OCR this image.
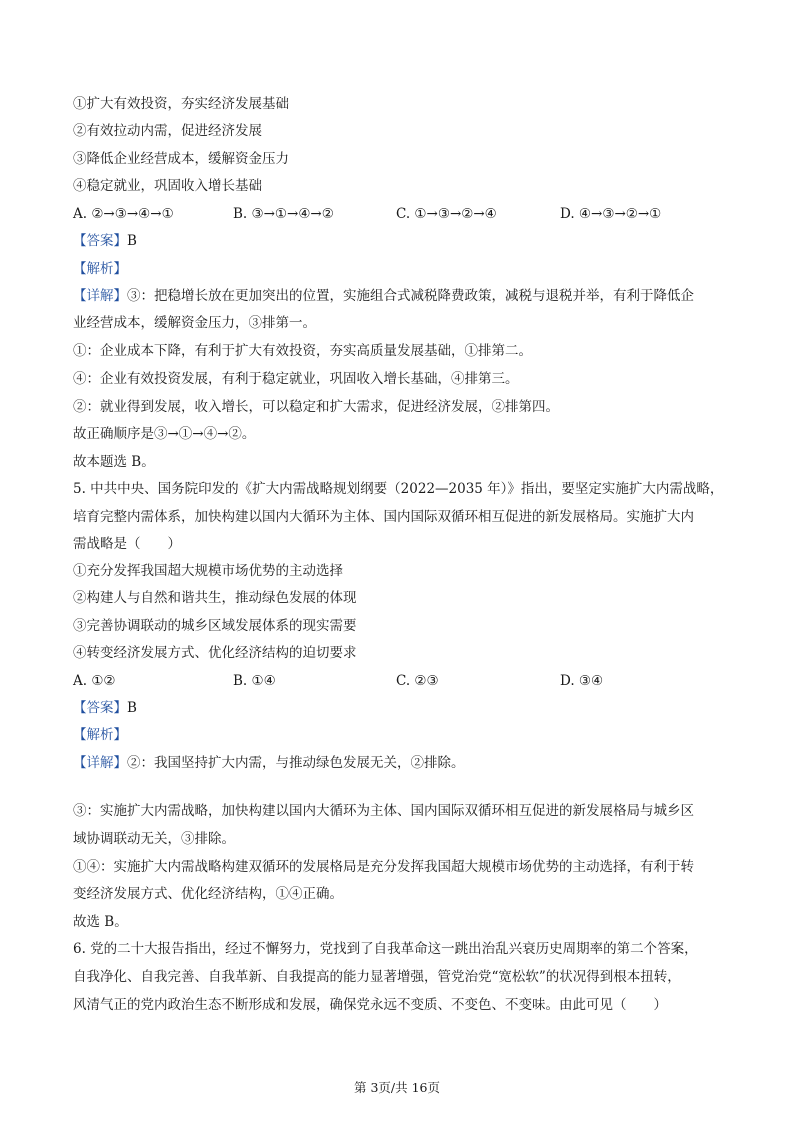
①扩大有效投资，夯实经济发展基础
②有效拉动内需，促进经济发展
③降低企业经营成本，缓解资金压力
④稳定就业，巩固收入增长基础
A. ②→③→④→①	B. ③→①→④→②	C. ①→③→②→④	D. ④→③→②→①
【答案】B
【解析】
【详解】③：把稳增长放在更加突出的位置，实施组合式减税降费政策，减税与退税并举，有利于降低企
业经营成本，缓解资金压力，③排第一。
①：企业成本下降，有利于扩大有效投资，夯实高质量发展基础，①排第二。
④：企业有效投资发展，有利于稳定就业，巩固收入增长基础，④排第三。
②：就业得到发展，收入增长，可以稳定和扩大需求，促进经济发展，②排第四。
故正确顺序是③→①→④→②。
故本题选 B。
5. 中共中央、国务院印发的《扩大内需战略规划纲要（2022—2035 年）》指出，要坚定实施扩大内需战略，
培育完整内需体系，加快构建以国内大循环为主体、国内国际双循环相互促进的新发展格局。实施扩大内
需战略是（　　）
①充分发挥我国超大规模市场优势的主动选择
②构建人与自然和谐共生，推动绿色发展的体现
③完善协调联动的城乡区域发展体系的现实需要
④转变经济发展方式、优化经济结构的迫切要求
A. ①②	B. ①④	C. ②③	D. ③④
【答案】B
【解析】
【详解】②：我国坚持扩大内需，与推动绿色发展无关，②排除。
③：实施扩大内需战略，加快构建以国内大循环为主体、国内国际双循环相互促进的新发展格局与城乡区
域协调联动无关，③排除。
①④：实施扩大内需战略构建双循环的发展格局是充分发挥我国超大规模市场优势的主动选择，有利于转
变经济发展方式、优化经济结构，①④正确。
故选 B。
6. 党的二十大报告指出，经过不懈努力，党找到了自我革命这一跳出治乱兴衰历史周期率的第二个答案，
自我净化、自我完善、自我革新、自我提高的能力显著增强，管党治党“宽松软”的状况得到根本扭转，
风清气正的党内政治生态不断形成和发展，确保党永远不变质、不变色、不变味。由此可见（　　）
第 3页/共 16页
